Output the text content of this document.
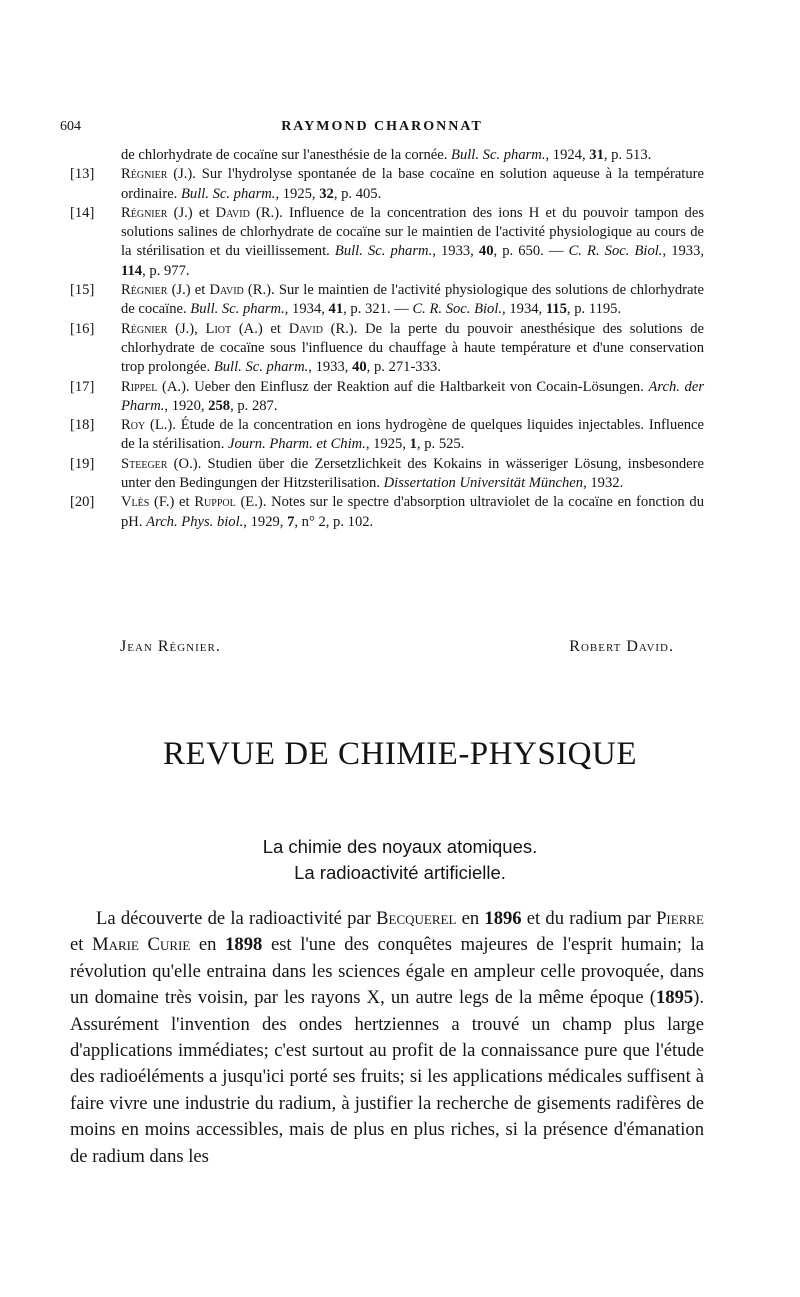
604	RAYMOND CHARONNAT
de chlorhydrate de cocaïne sur l'anesthésie de la cornée. Bull. Sc. pharm., 1924, 31, p. 513.
[13] Régnier (J.). Sur l'hydrolyse spontanée de la base cocaïne en solution aqueuse à la température ordinaire. Bull. Sc. pharm., 1925, 32, p. 405.
[14] Régnier (J.) et David (R.). Influence de la concentration des ions H et du pouvoir tampon des solutions salines de chlorhydrate de cocaïne sur le maintien de l'activité physiologique au cours de la stérilisation et du vieillissement. Bull. Sc. pharm., 1933, 40, p. 650. — C. R. Soc. Biol., 1933, 114, p. 977.
[15] Régnier (J.) et David (R.). Sur le maintien de l'activité physiologique des solutions de chlorhydrate de cocaïne. Bull. Sc. pharm., 1934, 41, p. 321. — C. R. Soc. Biol., 1934, 115, p. 1195.
[16] Régnier (J.), Liot (A.) et David (R.). De la perte du pouvoir anesthésique des solutions de chlorhydrate de cocaïne sous l'influence du chauffage à haute température et d'une conservation trop prolongée. Bull. Sc. pharm., 1933, 40, p. 271-333.
[17] Rippel (A.). Ueber den Einflusz der Reaktion auf die Haltbarkeit von Cocain-Lösungen. Arch. der Pharm., 1920, 258, p. 287.
[18] Roy (L.). Étude de la concentration en ions hydrogène de quelques liquides injectables. Influence de la stérilisation. Journ. Pharm. et Chim., 1925, 1, p. 525.
[19] Steeger (O.). Studien über die Zersetzlichkeit des Kokains in wässeriger Lösung, insbesondere unter den Bedingungen der Hitzsterilisation. Dissertation Universität München, 1932.
[20] Vlès (F.) et Ruppol (E.). Notes sur le spectre d'absorption ultraviolet de la cocaïne en fonction du pH. Arch. Phys. biol., 1929, 7, n° 2, p. 102.
Jean Régnier.	Robert David.
REVUE DE CHIMIE-PHYSIQUE
La chimie des noyaux atomiques.
La radioactivité artificielle.
La découverte de la radioactivité par Becquerel en 1896 et du radium par Pierre et Marie Curie en 1898 est l'une des conquêtes majeures de l'esprit humain; la révolution qu'elle entraina dans les sciences égale en ampleur celle provoquée, dans un domaine très voisin, par les rayons X, un autre legs de la même époque (1895). Assurément l'invention des ondes hertziennes a trouvé un champ plus large d'applications immédiates; c'est surtout au profit de la connaissance pure que l'étude des radioéléments a jusqu'ici porté ses fruits; si les applications médicales suffisent à faire vivre une industrie du radium, à justifier la recherche de gisements radifères de moins en moins accessibles, mais de plus en plus riches, si la présence d'émanation de radium dans les
